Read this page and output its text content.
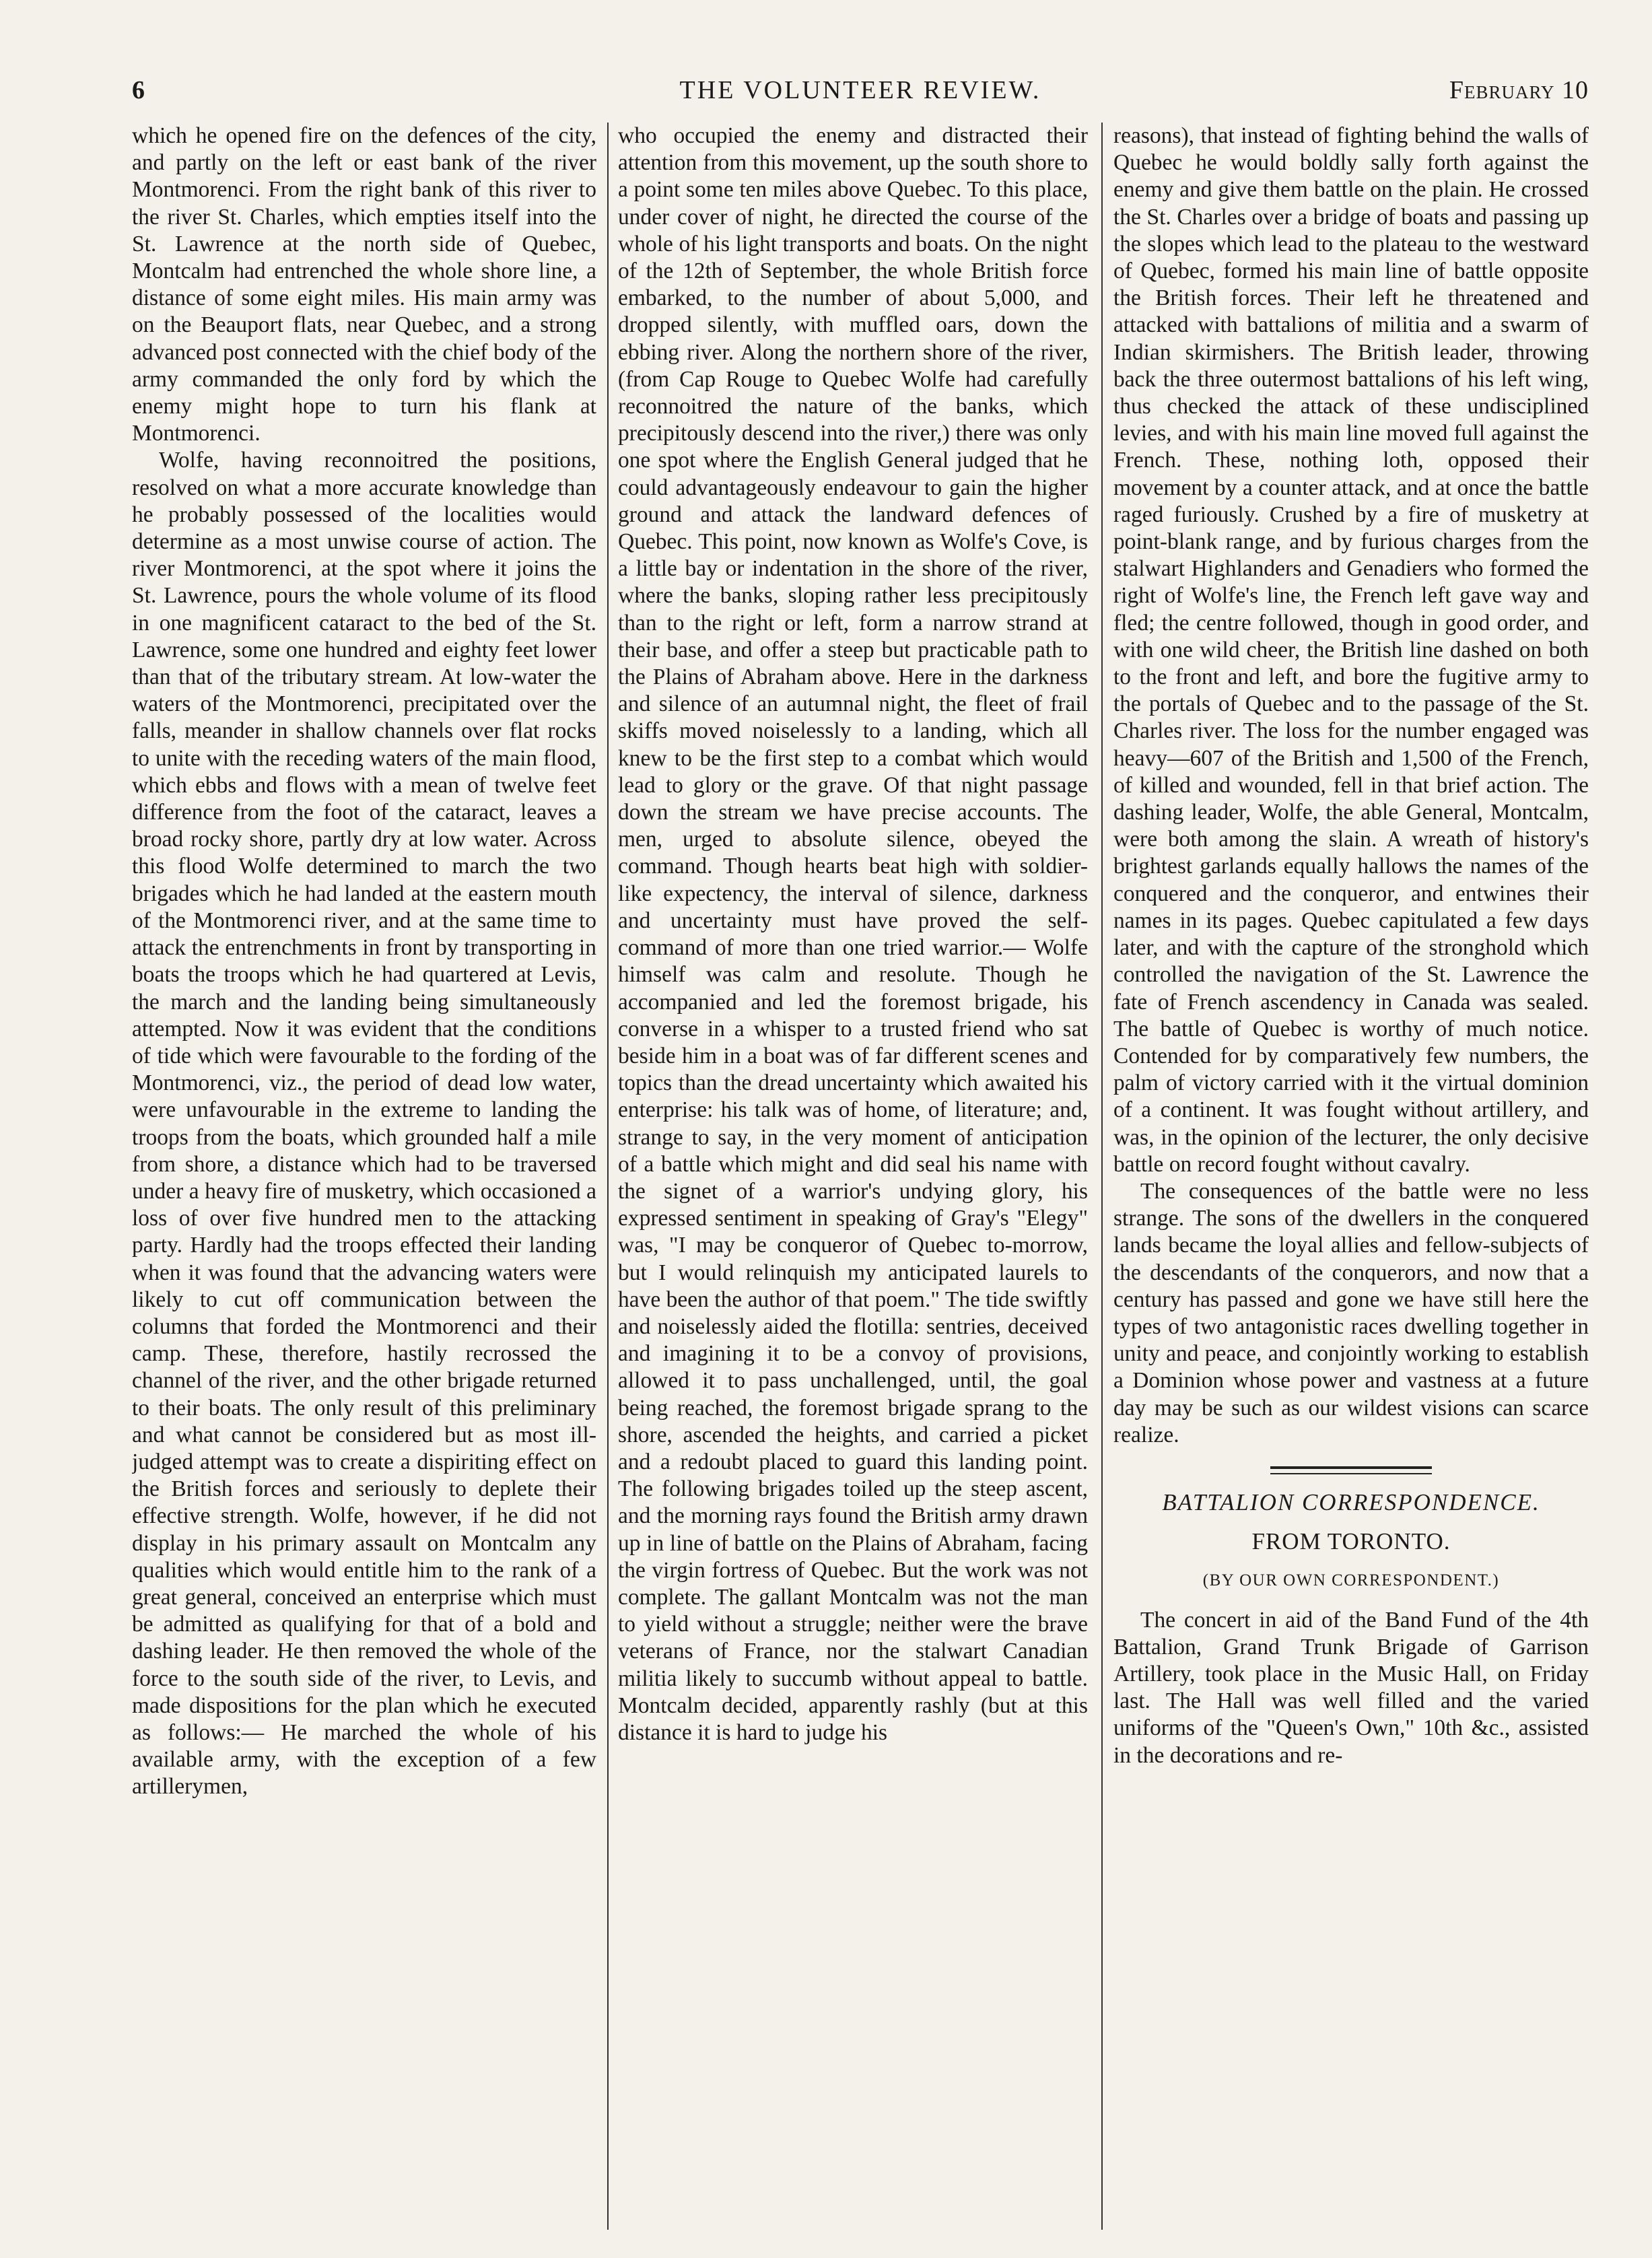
6	THE VOLUNTEER REVIEW.	February 10

which he opened fire on the defences of the city, and partly on the left or east bank of the river Montmorenci. From the right bank of this river to the river St. Charles, which empties itself into the St. Lawrence at the north side of Quebec, Montcalm had entrenched the whole shore line, a distance of some eight miles. His main army was on the Beauport flats, near Quebec, and a strong advanced post connected with the chief body of the army commanded the only ford by which the enemy might hope to turn his flank at Montmorenci.

Wolfe, having reconnoitred the positions, resolved on what a more accurate knowledge than he probably possessed of the localities would determine as a most unwise course of action. The river Montmorenci, at the spot where it joins the St. Lawrence, pours the whole volume of its flood in one magnificent cataract to the bed of the St. Lawrence, some one hundred and eighty feet lower than that of the tributary stream. At low-water the waters of the Montmorenci, precipitated over the falls, meander in shallow channels over flat rocks to unite with the receding waters of the main flood, which ebbs and flows with a mean of twelve feet difference from the foot of the cataract, leaves a broad rocky shore, partly dry at low water. Across this flood Wolfe determined to march the two brigades which he had landed at the eastern mouth of the Montmorenci river, and at the same time to attack the entrenchments in front by transporting in boats the troops which he had quartered at Levis, the march and the landing being simultaneously attempted. Now it was evident that the conditions of tide which were favourable to the fording of the Montmorenci, viz., the period of dead low water, were unfavourable in the extreme to landing the troops from the boats, which grounded half a mile from shore, a distance which had to be traversed under a heavy fire of musketry, which occasioned a loss of over five hundred men to the attacking party. Hardly had the troops effected their landing when it was found that the advancing waters were likely to cut off communication between the columns that forded the Montmorenci and their camp. These, therefore, hastily recrossed the channel of the river, and the other brigade returned to their boats. The only result of this preliminary and what cannot be considered but as most ill-judged attempt was to create a dispiriting effect on the British forces and seriously to deplete their effective strength. Wolfe, however, if he did not display in his primary assault on Montcalm any qualities which would entitle him to the rank of a great general, conceived an enterprise which must be admitted as qualifying for that of a bold and dashing leader. He then removed the whole of the force to the south side of the river, to Levis, and made dispositions for the plan which he executed as follows:— He marched the whole of his available army, with the exception of a few artillerymen,

who occupied the enemy and distracted their attention from this movement, up the south shore to a point some ten miles above Quebec. To this place, under cover of night, he directed the course of the whole of his light transports and boats. On the night of the 12th of September, the whole British force embarked, to the number of about 5,000, and dropped silently, with muffled oars, down the ebbing river. Along the northern shore of the river, (from Cap Rouge to Quebec Wolfe had carefully reconnoitred the nature of the banks, which precipitously descend into the river,) there was only one spot where the English General judged that he could advantageously endeavour to gain the higher ground and attack the landward defences of Quebec. This point, now known as Wolfe's Cove, is a little bay or indentation in the shore of the river, where the banks, sloping rather less precipitously than to the right or left, form a narrow strand at their base, and offer a steep but practicable path to the Plains of Abraham above. Here in the darkness and silence of an autumnal night, the fleet of frail skiffs moved noiselessly to a landing, which all knew to be the first step to a combat which would lead to glory or the grave. Of that night passage down the stream we have precise accounts. The men, urged to absolute silence, obeyed the command. Though hearts beat high with soldier-like expectency, the interval of silence, darkness and uncertainty must have proved the self-command of more than one tried warrior.— Wolfe himself was calm and resolute. Though he accompanied and led the foremost brigade, his converse in a whisper to a trusted friend who sat beside him in a boat was of far different scenes and topics than the dread uncertainty which awaited his enterprise: his talk was of home, of literature; and, strange to say, in the very moment of anticipation of a battle which might and did seal his name with the signet of a warrior's undying glory, his expressed sentiment in speaking of Gray's "Elegy" was, "I may be conqueror of Quebec to-morrow, but I would relinquish my anticipated laurels to have been the author of that poem." The tide swiftly and noiselessly aided the flotilla: sentries, deceived and imagining it to be a convoy of provisions, allowed it to pass unchallenged, until, the goal being reached, the foremost brigade sprang to the shore, ascended the heights, and carried a picket and a redoubt placed to guard this landing point. The following brigades toiled up the steep ascent, and the morning rays found the British army drawn up in line of battle on the Plains of Abraham, facing the virgin fortress of Quebec. But the work was not complete. The gallant Montcalm was not the man to yield without a struggle; neither were the brave veterans of France, nor the stalwart Canadian militia likely to succumb without appeal to battle. Montcalm decided, apparently rashly (but at this distance it is hard to judge his

reasons), that instead of fighting behind the walls of Quebec he would boldly sally forth against the enemy and give them battle on the plain. He crossed the St. Charles over a bridge of boats and passing up the slopes which lead to the plateau to the westward of Quebec, formed his main line of battle opposite the British forces. Their left he threatened and attacked with battalions of militia and a swarm of Indian skirmishers. The British leader, throwing back the three outermost battalions of his left wing, thus checked the attack of these undisciplined levies, and with his main line moved full against the French. These, nothing loth, opposed their movement by a counter attack, and at once the battle raged furiously. Crushed by a fire of musketry at point-blank range, and by furious charges from the stalwart Highlanders and Genadiers who formed the right of Wolfe's line, the French left gave way and fled; the centre followed, though in good order, and with one wild cheer, the British line dashed on both to the front and left, and bore the fugitive army to the portals of Quebec and to the passage of the St. Charles river. The loss for the number engaged was heavy—607 of the British and 1,500 of the French, of killed and wounded, fell in that brief action. The dashing leader, Wolfe, the able General, Montcalm, were both among the slain. A wreath of history's brightest garlands equally hallows the names of the conquered and the conqueror, and entwines their names in its pages. Quebec capitulated a few days later, and with the capture of the stronghold which controlled the navigation of the St. Lawrence the fate of French ascendency in Canada was sealed. The battle of Quebec is worthy of much notice. Contended for by comparatively few numbers, the palm of victory carried with it the virtual dominion of a continent. It was fought without artillery, and was, in the opinion of the lecturer, the only decisive battle on record fought without cavalry.

The consequences of the battle were no less strange. The sons of the dwellers in the conquered lands became the loyal allies and fellow-subjects of the descendants of the conquerors, and now that a century has passed and gone we have still here the types of two antagonistic races dwelling together in unity and peace, and conjointly working to establish a Dominion whose power and vastness at a future day may be such as our wildest visions can scarce realize.

BATTALION CORRESPONDENCE.
FROM TORONTO.
(BY OUR OWN CORRESPONDENT.)

The concert in aid of the Band Fund of the 4th Battalion, Grand Trunk Brigade of Garrison Artillery, took place in the Music Hall, on Friday last. The Hall was well filled and the varied uniforms of the "Queen's Own," 10th &c., assisted in the decorations and re-
